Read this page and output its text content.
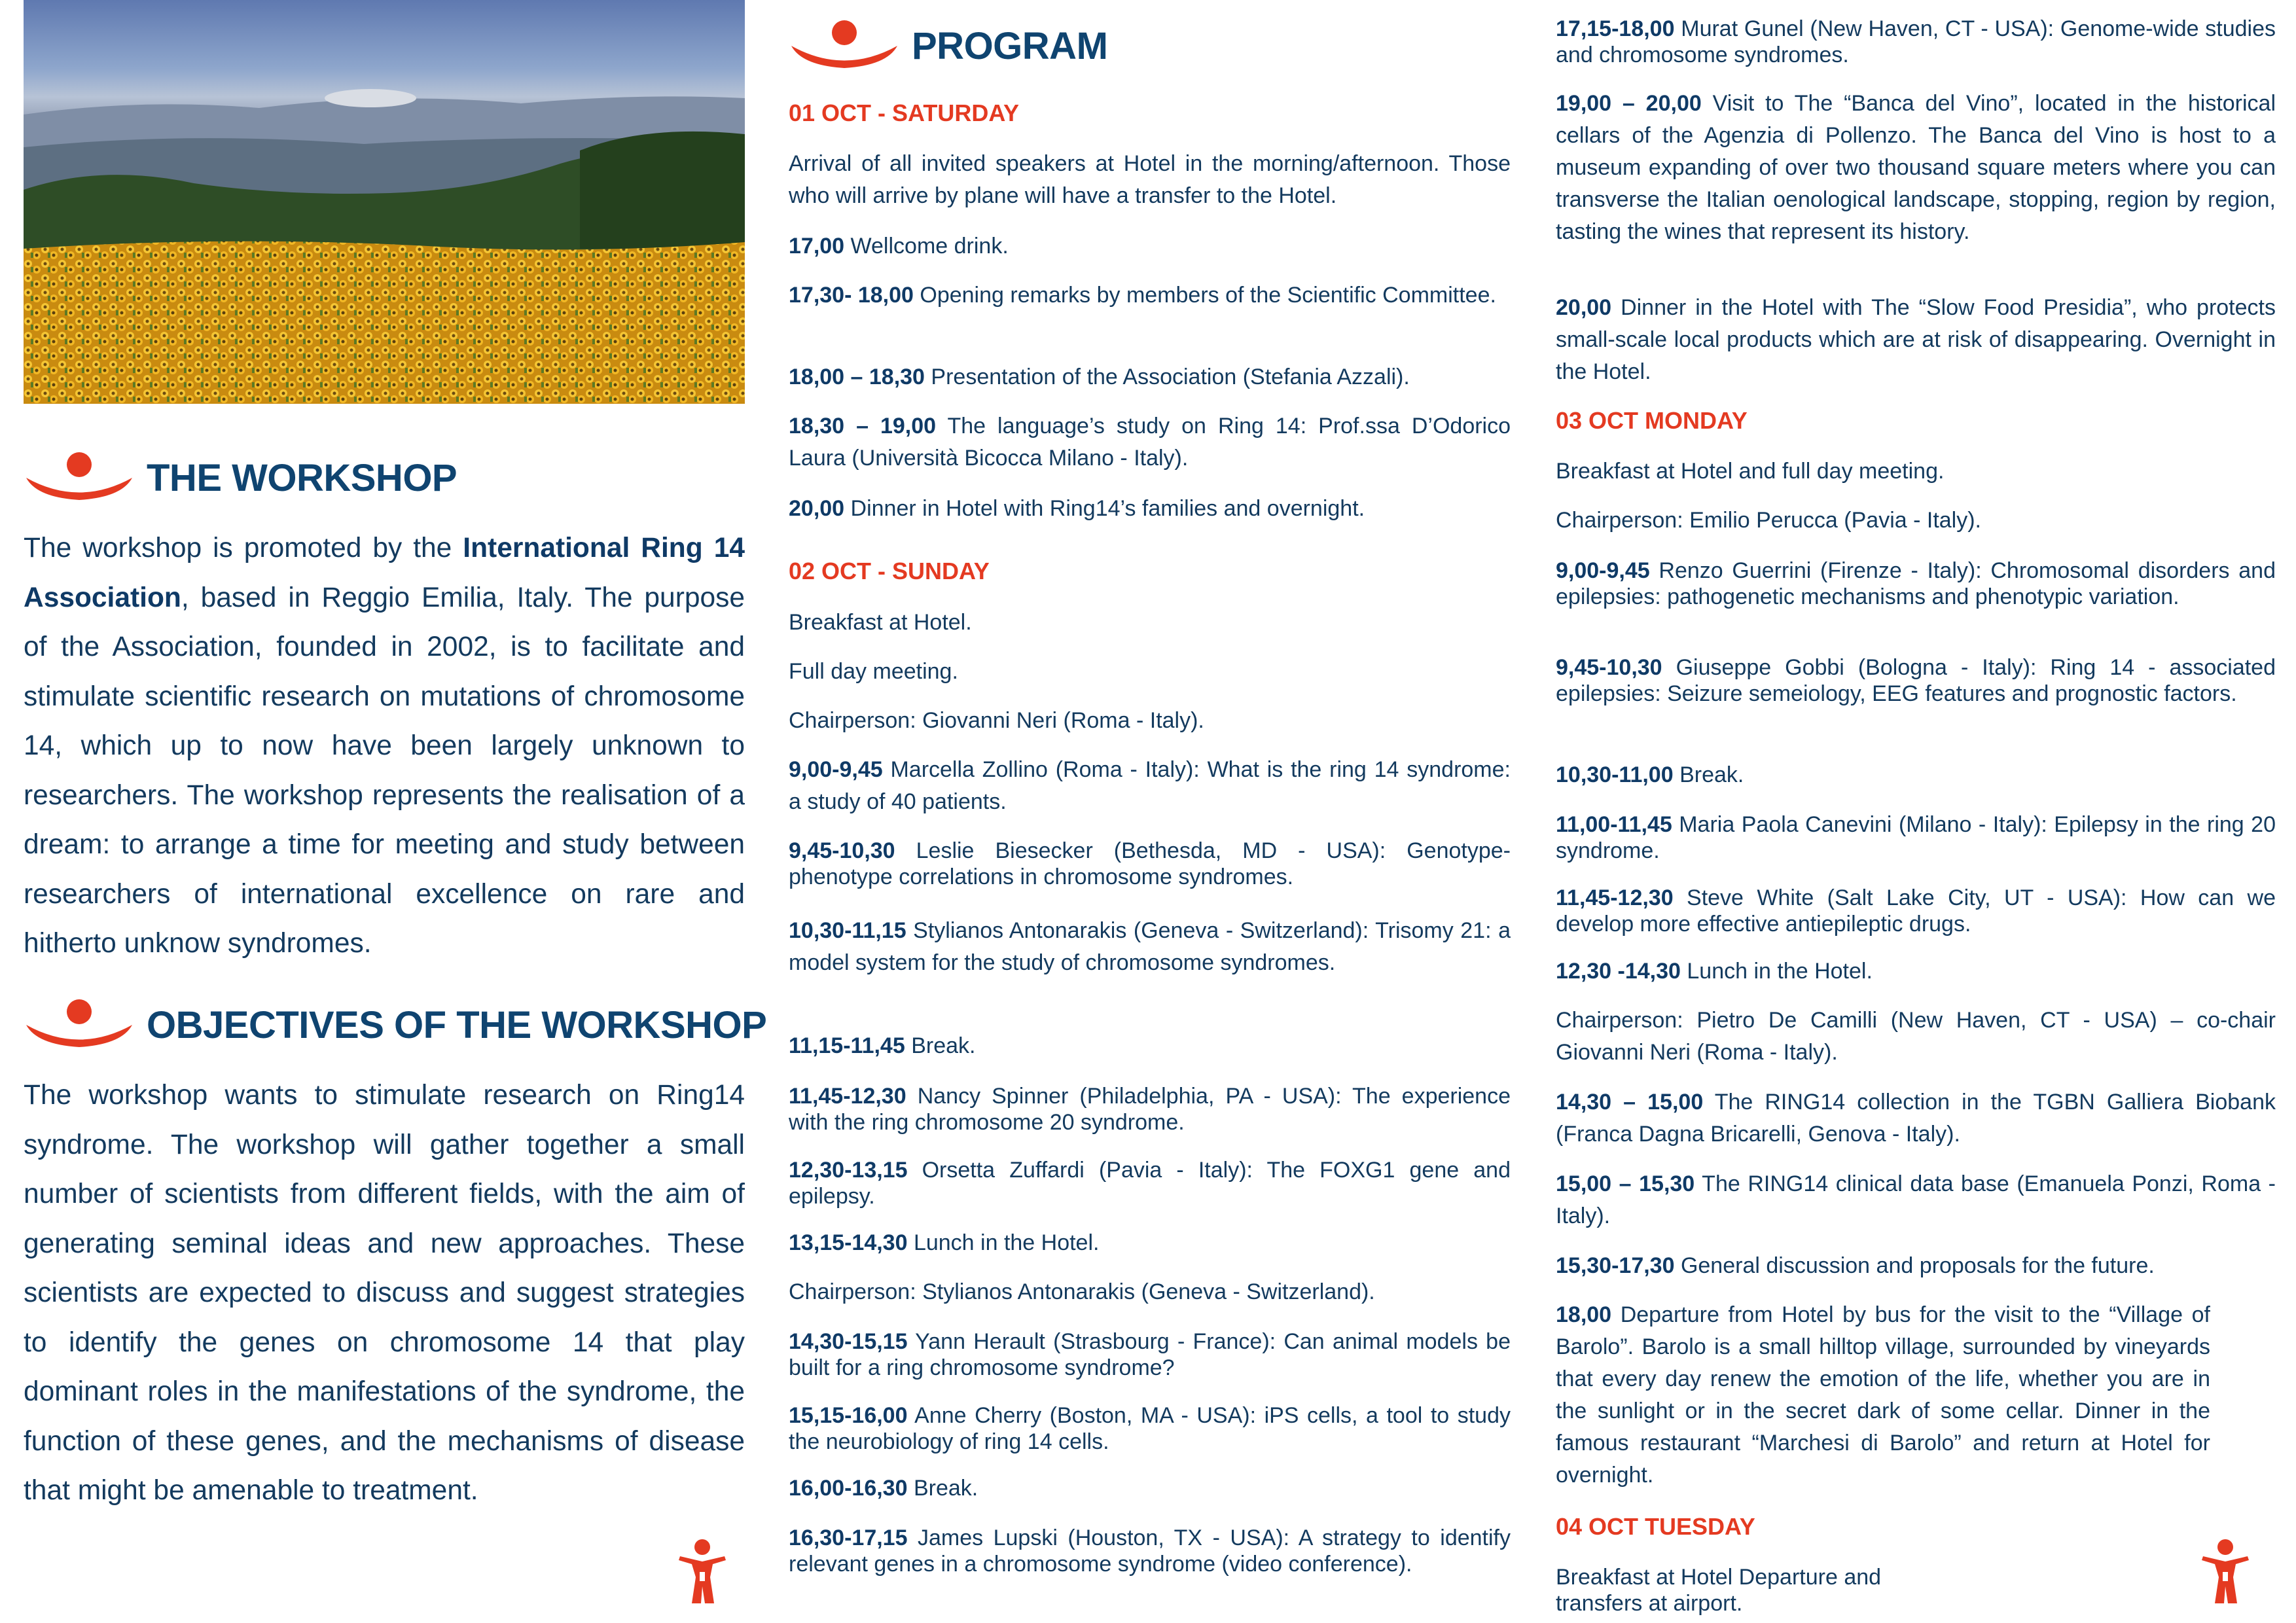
THE WORKSHOP

The workshop is promoted by the International Ring 14 Association, based in Reggio Emilia, Italy. The purpose of the Association, founded in 2002, is to facilitate and stimulate scientific research on mutations of chromosome 14, which up to now have been largely unknown to researchers. The workshop represents the realisation of a dream: to arrange a time for meeting and study between researchers of international excellence on rare and hitherto unknow syndromes.

OBJECTIVES OF THE WORKSHOP

The workshop wants to stimulate research on Ring14 syndrome. The workshop will gather together a small number of scientists from different fields, with the aim of generating seminal ideas and new approaches. These scientists are expected to discuss and suggest strategies to identify the genes on chromosome 14 that play dominant roles in the manifestations of the syndrome, the function of these genes, and the mechanisms of disease that might be amenable to treatment.

PROGRAM

01 OCT - SATURDAY

Arrival of all invited speakers at Hotel in the morning/afternoon. Those who will arrive by plane will have a transfer to the Hotel.

17,00 Wellcome drink.

17,30- 18,00 Opening remarks by members of the Scientific Committee.

18,00 – 18,30 Presentation of the Association (Stefania Azzali).

18,30 – 19,00 The language’s study on Ring 14: Prof.ssa D’Odorico Laura (Università Bicocca Milano - Italy).

20,00 Dinner in Hotel with Ring14’s families and overnight.

02 OCT - SUNDAY

Breakfast at Hotel.

Full day meeting.

Chairperson: Giovanni Neri (Roma - Italy).

9,00-9,45 Marcella Zollino (Roma - Italy): What is the ring 14 syndrome: a study of 40 patients.

9,45-10,30 Leslie Biesecker (Bethesda, MD - USA): Genotype-phenotype correlations in chromosome syndromes.

10,30-11,15 Stylianos Antonarakis (Geneva - Switzerland): Trisomy 21: a model system for the study of chromosome syndromes.

11,15-11,45 Break.

11,45-12,30 Nancy Spinner (Philadelphia, PA - USA): The experience with the ring chromosome 20 syndrome.

12,30-13,15 Orsetta Zuffardi (Pavia - Italy): The FOXG1 gene and epilepsy.

13,15-14,30 Lunch in the Hotel.

Chairperson: Stylianos Antonarakis (Geneva - Switzerland).

14,30-15,15 Yann Herault (Strasbourg - France): Can animal models be built for a ring chromosome syndrome?

15,15-16,00 Anne Cherry (Boston, MA - USA): iPS cells, a tool to study the neurobiology of ring 14 cells.

16,00-16,30 Break.

16,30-17,15 James Lupski (Houston, TX - USA): A strategy to identify relevant genes in a chromosome syndrome (video conference).

17,15-18,00 Murat Gunel (New Haven, CT - USA): Genome-wide studies and chromosome syndromes.

19,00 – 20,00 Visit to The “Banca del Vino”, located in the historical cellars of the Agenzia di Pollenzo. The Banca del Vino is host to a museum expanding of over two thousand square meters where you can transverse the Italian oenological landscape, stopping, region by region, tasting the wines that represent its history.

20,00 Dinner in the Hotel with The “Slow Food Presidia”, who protects small-scale local products which are at risk of disappearing. Overnight in the Hotel.

03 OCT MONDAY

Breakfast at Hotel and full day meeting.

Chairperson: Emilio Perucca (Pavia - Italy).

9,00-9,45 Renzo Guerrini (Firenze - Italy): Chromosomal disorders and epilepsies: pathogenetic mechanisms and phenotypic variation.

9,45-10,30 Giuseppe Gobbi (Bologna - Italy): Ring 14 - associated epilepsies: Seizure semeiology, EEG features and prognostic factors.

10,30-11,00 Break.

11,00-11,45 Maria Paola Canevini (Milano - Italy): Epilepsy in the ring 20 syndrome.

11,45-12,30 Steve White (Salt Lake City, UT - USA): How can we develop more effective antiepileptic drugs.

12,30 -14,30 Lunch in the Hotel.

Chairperson: Pietro De Camilli (New Haven, CT - USA) – co-chair Giovanni Neri (Roma - Italy).

14,30 – 15,00 The RING14 collection in the TGBN Galliera Biobank (Franca Dagna Bricarelli, Genova - Italy).

15,00 – 15,30 The RING14 clinical data base (Emanuela Ponzi, Roma - Italy).

15,30-17,30 General discussion and proposals for the future.

18,00 Departure from Hotel by bus for the visit to the “Village of Barolo”. Barolo is a small hilltop village, surrounded by vineyards that every day renew the emotion of the life, whether you are in the sunlight or in the secret dark of some cellar. Dinner in the famous restaurant “Marchesi di Barolo” and return at Hotel for overnight.

04 OCT TUESDAY

Breakfast at Hotel Departure and transfers at airport.
